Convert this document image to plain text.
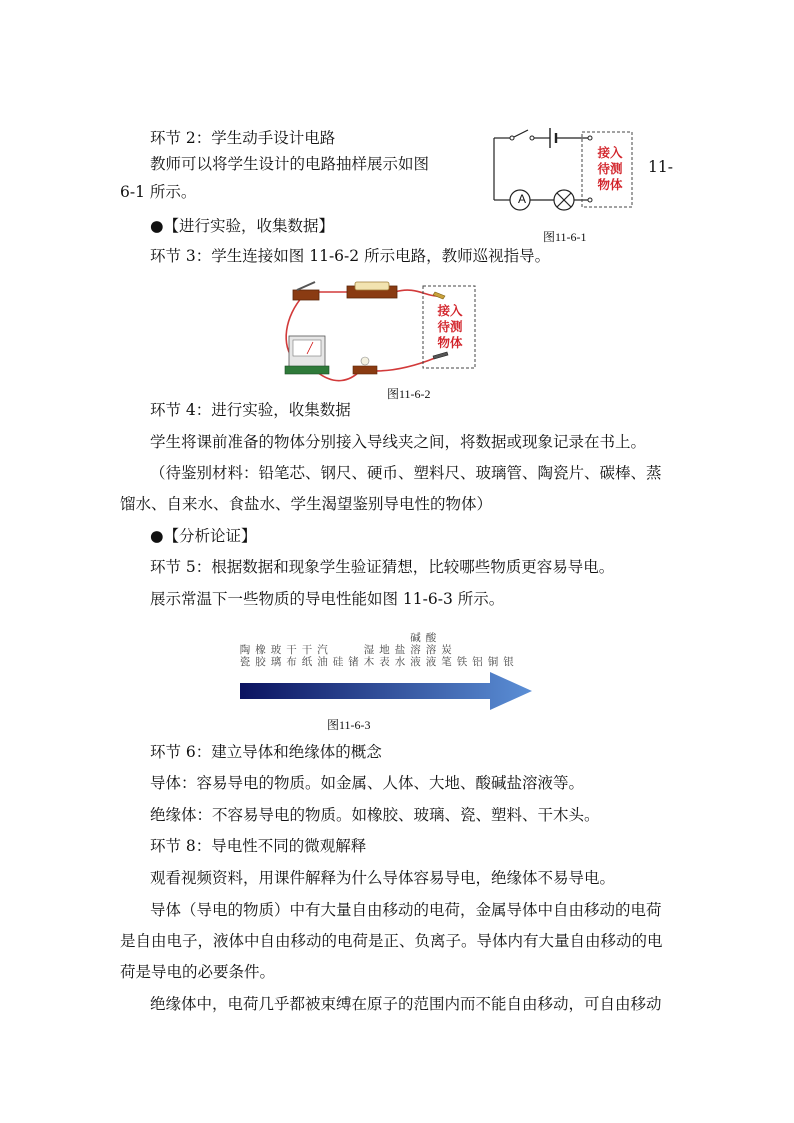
环节 2：学生动手设计电路
教师可以将学生设计的电路抽样展示如图	11-
6-1 所示。
●【进行实验，收集数据】
环节 3：学生连接如图 11-6-2 所示电路，教师巡视指导。
环节 4：进行实验，收集数据
学生将课前准备的物体分别接入导线夹之间，将数据或现象记录在书上。
（待鉴别材料：铅笔芯、钢尺、硬币、塑料尺、玻璃管、陶瓷片、碳棒、蒸
馏水、自来水、食盐水、学生渴望鉴别导电性的物体）
●【分析论证】
环节 5：根据数据和现象学生验证猜想，比较哪些物质更容易导电。
展示常温下一些物质的导电性能如图 11-6-3 所示。
环节 6：建立导体和绝缘体的概念
导体：容易导电的物质。如金属、人体、大地、酸碱盐溶液等。
绝缘体：不容易导电的物质。如橡胶、玻璃、瓷、塑料、干木头。
环节 8：导电性不同的微观解释
观看视频资料，用课件解释为什么导体容易导电，绝缘体不易导电。
导体（导电的物质）中有大量自由移动的电荷，金属导体中自由移动的电荷
是自由电子，液体中自由移动的电荷是正、负离子。导体内有大量自由移动的电
荷是导电的必要条件。
绝缘体中，电荷几乎都被束缚在原子的范围内而不能自由移动，可自由移动
A
接入
待测
物体
图11-6-1
接入
待测
物体
图11-6-2
陶
瓷
橡
胶
玻
璃
干
布
干
纸
汽
油 硅 锗
湿
木
地
表
盐
水
碱
溶
液
酸
溶
液
炭
笔 铁 铝 铜 银
图11-6-3
